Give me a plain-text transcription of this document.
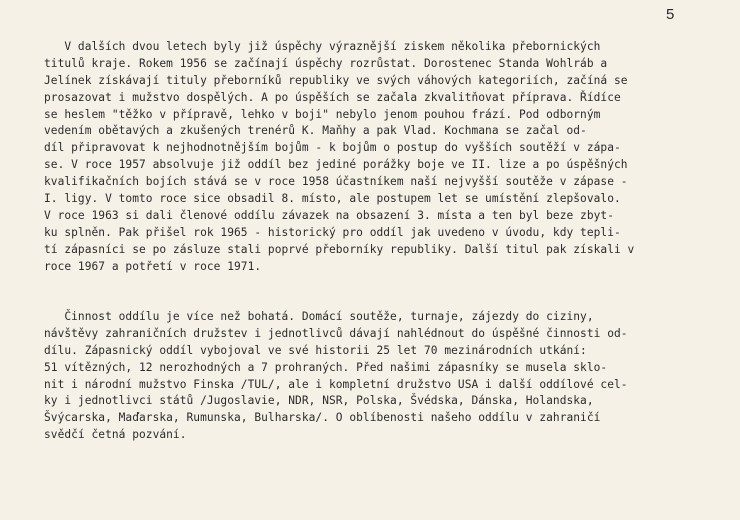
5
V dalších dvou letech byly již úspěchy výraznější ziskem několika přebornických
titulů kraje. Rokem 1956 se začínají úspěchy rozrůstat. Dorostenec Standa Wohlráb a
Jelínek získávají tituly přeborníků republiky ve svých váhových kategoriích, začíná se
prosazovat i mužstvo dospělých. A po úspěších se začala zkvalitňovat příprava. Řídíce
se heslem "těžko v přípravě, lehko v boji" nebylo jenom pouhou frází. Pod odborným
vedením obětavých a zkušených trenérů K. Maňhy a pak Vlad. Kochmana se začal od-
díl připravovat k nejhodnotnějším bojům - k bojům o postup do vyšších soutěží v zápa-
se. V roce 1957 absolvuje již oddíl bez jediné porážky boje ve II. lize a po úspěšných
kvalifikačních bojích stává se v roce 1958 účastníkem naší nejvyšší soutěže v zápase -
I. ligy. V tomto roce sice obsadil 8. místo, ale postupem let se umístění zlepšovalo.
V roce 1963 si dali členové oddílu závazek na obsazení 3. místa a ten byl beze zbyt-
ku splněn. Pak přišel rok 1965 - historický pro oddíl jak uvedeno v úvodu, kdy tepli-
tí zápasníci se po zásluze stali poprvé přeborníky republiky. Další titul pak získali v
roce 1967 a potřetí v roce 1971.
Činnost oddílu je více než bohatá. Domácí soutěže, turnaje, zájezdy do ciziny,
návštěvy zahraničních družstev i jednotlivců dávají nahlédnout do úspěšné činnosti od-
dílu. Zápasnický oddíl vybojoval ve své historii 25 let 70 mezinárodních utkání:
51 vítězných, 12 nerozhodných a 7 prohraných. Před našimi zápasníky se musela sklo-
nit i národní mužstvo Finska /TUL/, ale i kompletní družstvo USA i další oddílové cel-
ky i jednotlivci států /Jugoslavie, NDR, NSR, Polska, Švédska, Dánska, Holandska,
Švýcarska, Maďarska, Rumunska, Bulharska/. O oblíbenosti našeho oddílu v zahraničí
svědčí četná pozvání.
